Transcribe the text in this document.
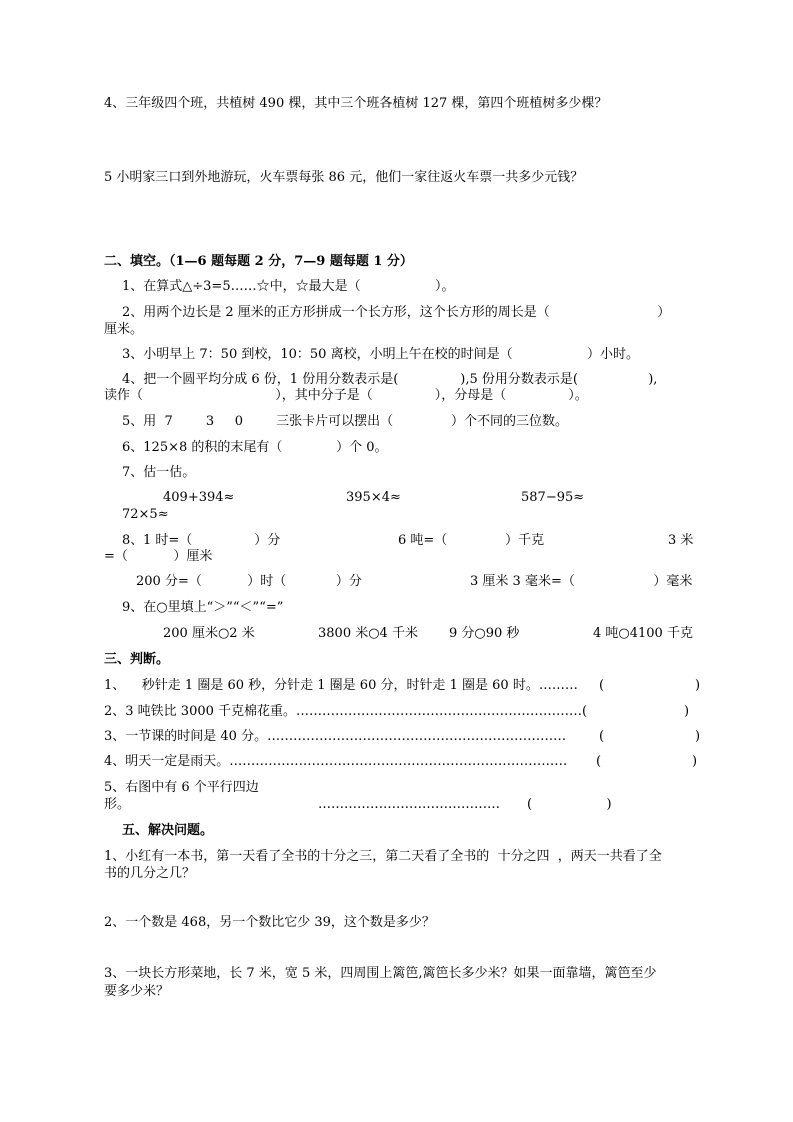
4、三年级四个班，共植树 490 棵，其中三个班各植树 127 棵，第四个班植树多少棵？
5 小明家三口到外地游玩，火车票每张 86 元，他们一家往返火车票一共多少元钱？
二、填空。（1—6 题每题 2 分，7—9 题每题 1 分）
1、在算式△÷3=5……☆中，☆最大是（                  ）。
2、用两个边长是 2 厘米的正方形拼成一个长方形，这个长方形的周长是（                          ）
厘米。
3、小明早上 7：50 到校，10：50 离校，小明上午在校的时间是（                  ）小时。
4、把一个圆平均分成 6 份，1 份用分数表示是(               ),5 份用分数表示是(                 ),
读作（                                ），其中分子是（               ），分母是（               ）。
5、用  7        3     0        三张卡片可以摆出（              ）个不同的三位数。
6、125×8 的积的末尾有（             ）个 0。
7、估一估。
409+394≈	395×4≈	587−95≈
72×5≈
8、 1 时=（               ）分	6 吨=（              ）千克	3 米
=（           ）厘米
200 分=（           ）时（            ）分	3 厘米 3 毫米=（                   ）毫米
9、在○里填上“＞”“＜”“=”
200 厘米○2 米	3800 米○4 千米 9 分○90 秒	4 吨○4100 千克
三、判断。
1、    秒针走 1 圈是 60 秒，分针走 1 圈是 60 分，时针走 1 圈是 60 时。……… (                      )
2、3 吨铁比 3000 千克棉花重。…………………………………………………………(	)
3、一节课的时间是 40 分。……………………………………………………………	(                      )
4、明天一定是雨天。…………………………………………………………………… (                      )
5、右图中有 6 个平行四边
形。	…………………………………… (                  )
五、解决问题。
1、小红有一本书，第一天看了全书的十分之三，第二天看了全书的  十分之四  ，两天一共看了全
书的几分之几？
2、一个数是 468，另一个数比它少 39，这个数是多少？
3、一块长方形菜地，长 7 米，宽 5 米，四周围上篱笆,篱笆长多少米？如果一面靠墙，篱笆至少
要多少米？
